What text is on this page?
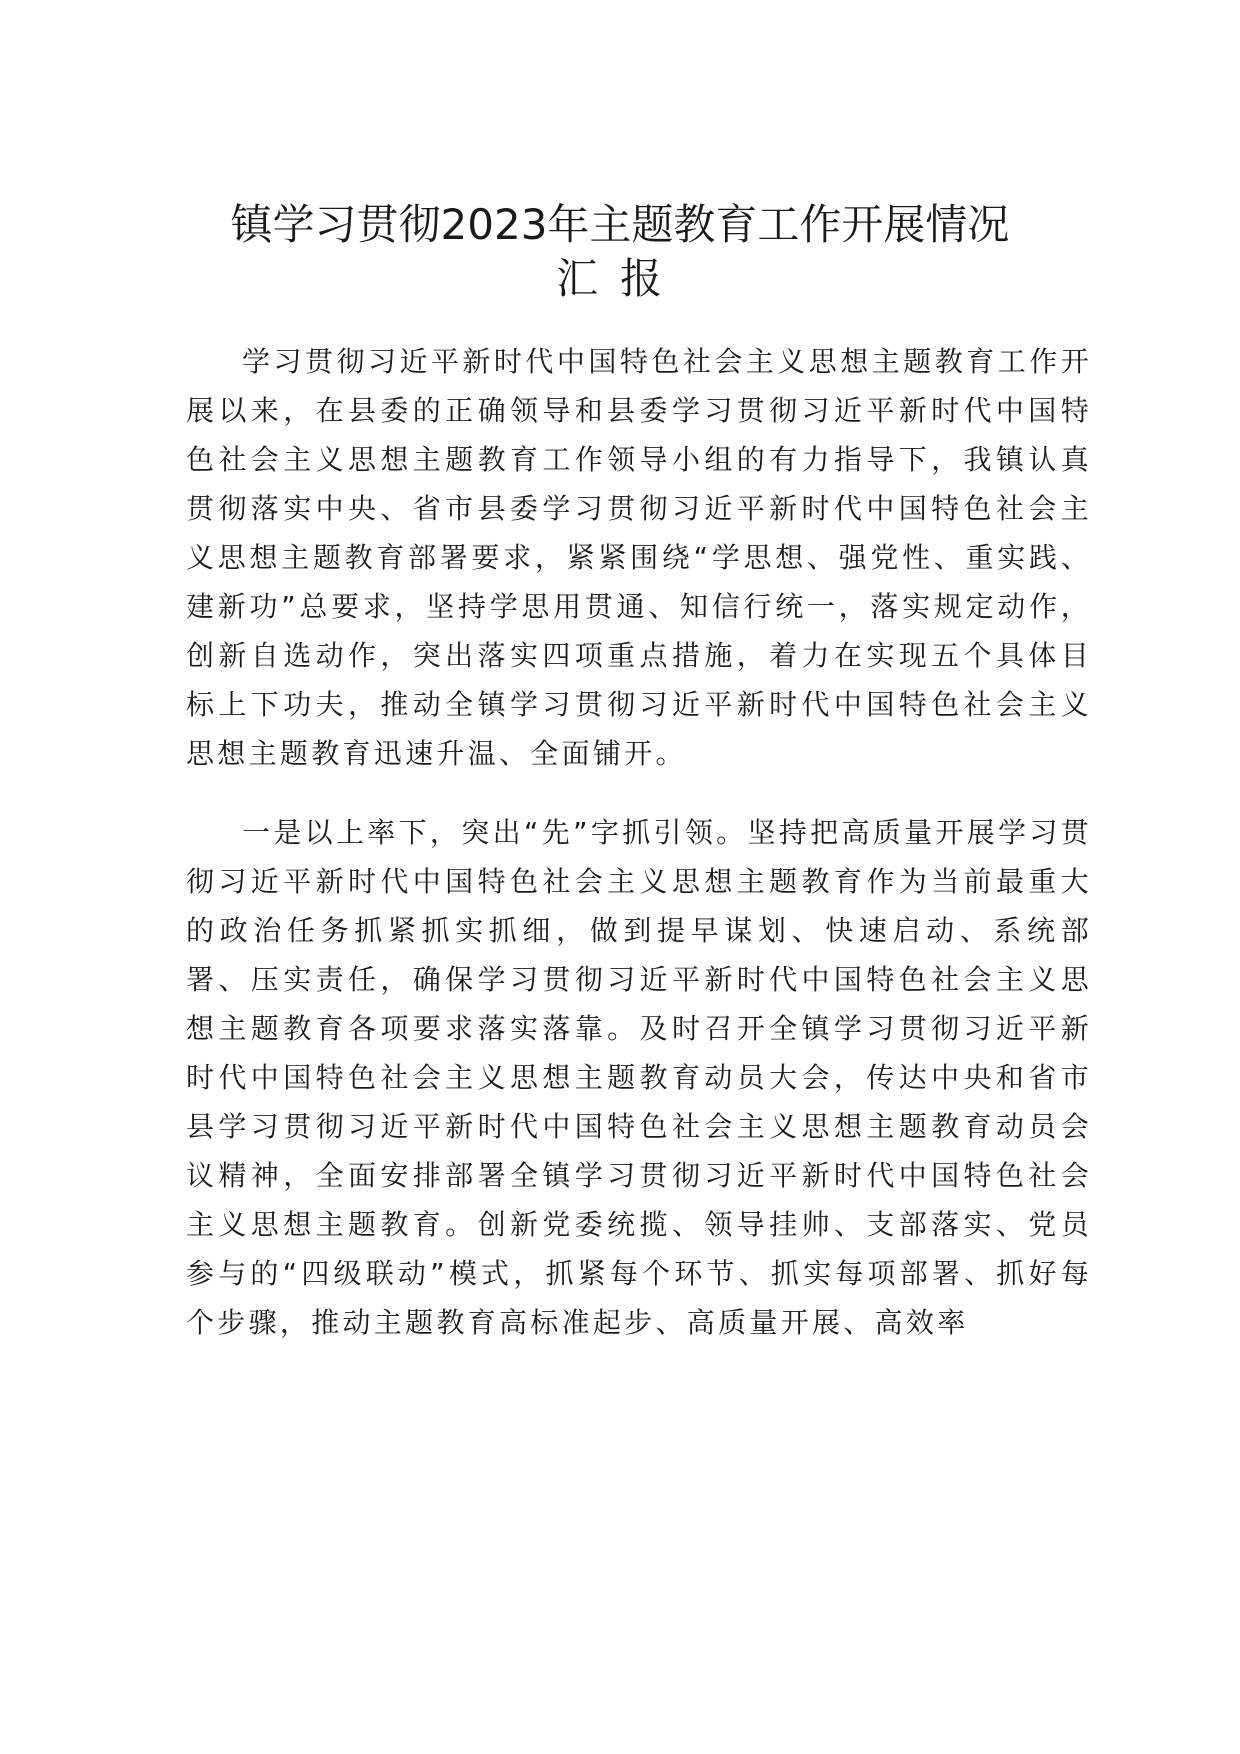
镇学习贯彻2023年主题教育工作开展情况
汇报

学习贯彻习近平新时代中国特色社会主义思想主题教育工作开展以来，在县委的正确领导和县委学习贯彻习近平新时代中国特色社会主义思想主题教育工作领导小组的有力指导下，我镇认真贯彻落实中央、省市县委学习贯彻习近平新时代中国特色社会主义思想主题教育部署要求，紧紧围绕“学思想、强党性、重实践、建新功”总要求，坚持学思用贯通、知信行统一，落实规定动作，创新自选动作，突出落实四项重点措施，着力在实现五个具体目标上下功夫，推动全镇学习贯彻习近平新时代中国特色社会主义思想主题教育迅速升温、全面铺开。

一是以上率下，突出“先”字抓引领。坚持把高质量开展学习贯彻习近平新时代中国特色社会主义思想主题教育作为当前最重大的政治任务抓紧抓实抓细，做到提早谋划、快速启动、系统部署、压实责任，确保学习贯彻习近平新时代中国特色社会主义思想主题教育各项要求落实落靠。及时召开全镇学习贯彻习近平新时代中国特色社会主义思想主题教育动员大会，传达中央和省市县学习贯彻习近平新时代中国特色社会主义思想主题教育动员会议精神，全面安排部署全镇学习贯彻习近平新时代中国特色社会主义思想主题教育。创新党委统揽、领导挂帅、支部落实、党员参与的“四级联动”模式，抓紧每个环节、抓实每项部署、抓好每个步骤，推动主题教育高标准起步、高质量开展、高效率
